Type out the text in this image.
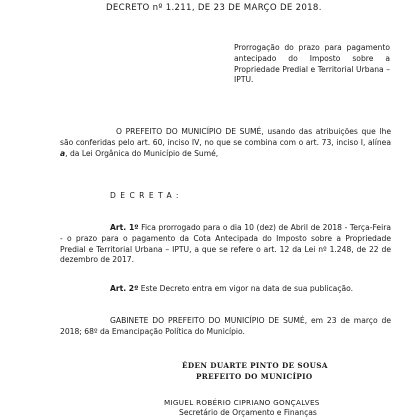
DECRETO nº 1.211, DE 23 DE MARÇO DE 2018.
Prorrogação do prazo para pagamento antecipado do Imposto sobre a Propriedade Predial e Territorial Urbana – IPTU.
O PREFEITO DO MUNICÍPIO DE SUMÉ, usando das atribuições que lhe são conferidas pelo art. 60, inciso IV, no que se combina com o art. 73, inciso I, alínea a, da Lei Orgânica do Município de Sumé,
DECRETA:
Art. 1º Fica prorrogado para o dia 10 (dez) de Abril de 2018 - Terça-Feira - o prazo para o pagamento da Cota Antecipada do Imposto sobre a Propriedade Predial e Territorial Urbana – IPTU, a que se refere o art. 12 da Lei nº 1.248, de 22 de dezembro de 2017.
Art. 2º Este Decreto entra em vigor na data de sua publicação.
GABINETE DO PREFEITO DO MUNICÍPIO DE SUMÉ, em 23 de março de 2018; 68º da Emancipação Política do Município.
ÉDEN DUARTE PINTO DE SOUSA
PREFEITO DO MUNICÍPIO
MIGUEL ROBÉRIO CIPRIANO GONÇALVES
Secretário de Orçamento e Finanças
